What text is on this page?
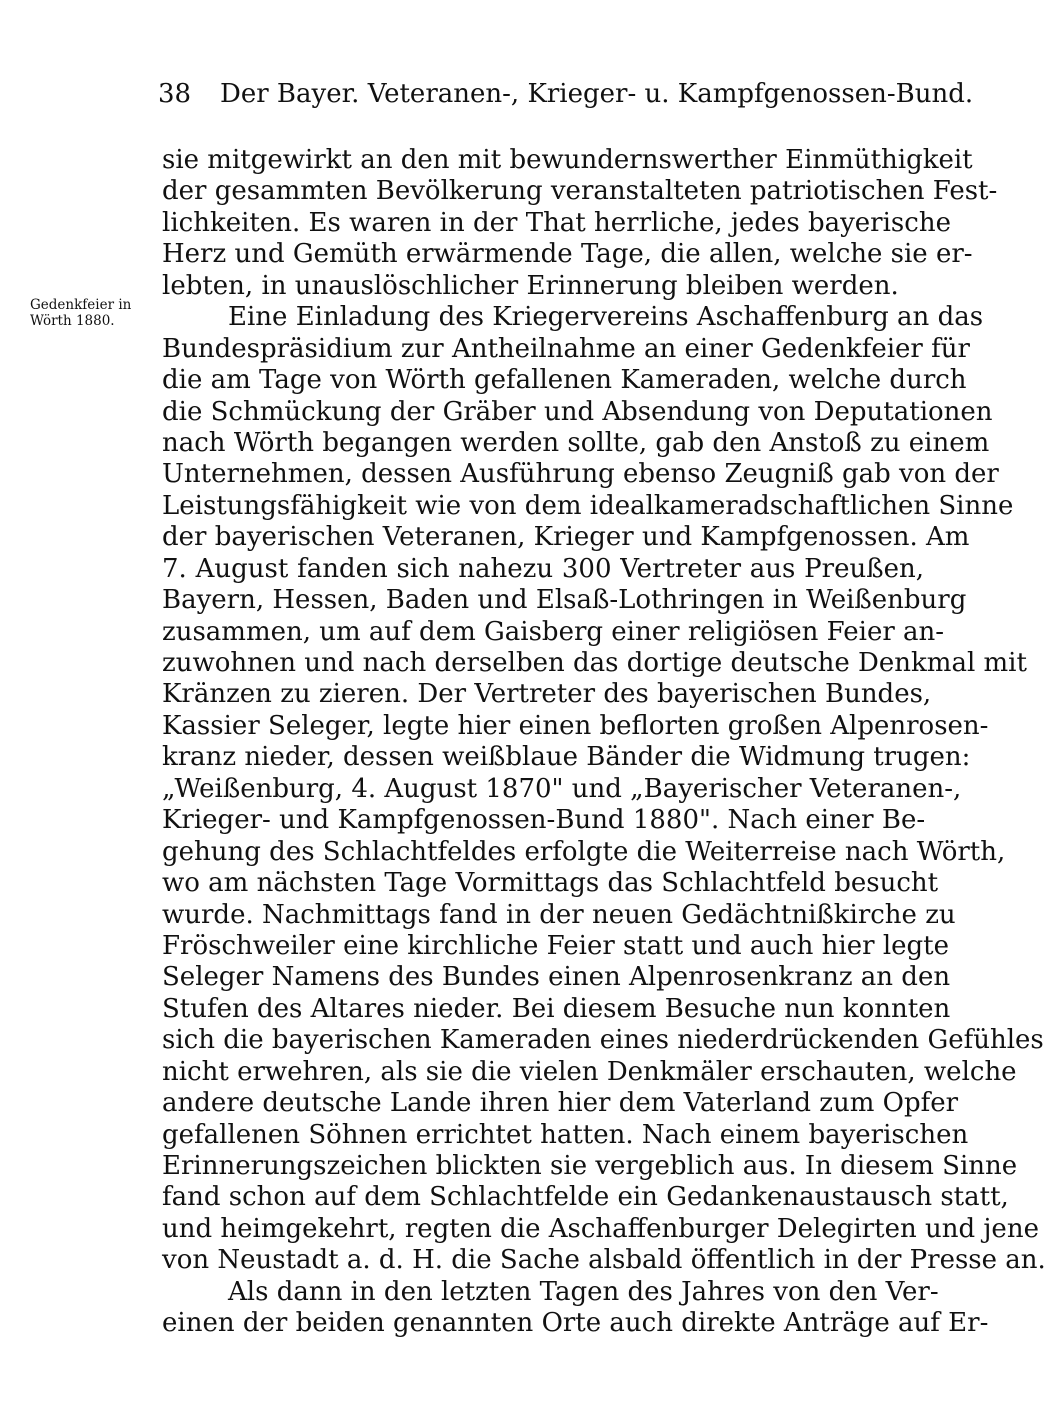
38 Der Bayer. Veteranen-, Krieger- u. Kampfgenossen-Bund.
Gedenkfeier in
Wörth 1880.
sie mitgewirkt an den mit bewundernswerther Einmüthigkeit
der gesammten Bevölkerung veranstalteten patriotischen Fest-
lichkeiten. Es waren in der That herrliche, jedes bayerische
Herz und Gemüth erwärmende Tage, die allen, welche sie er-
lebten, in unauslöschlicher Erinnerung bleiben werden.
Eine Einladung des Kriegervereins Aschaffenburg an das
Bundespräsidium zur Antheilnahme an einer Gedenkfeier für
die am Tage von Wörth gefallenen Kameraden, welche durch
die Schmückung der Gräber und Absendung von Deputationen
nach Wörth begangen werden sollte, gab den Anstoß zu einem
Unternehmen, dessen Ausführung ebenso Zeugniß gab von der
Leistungsfähigkeit wie von dem idealkameradschaftlichen Sinne
der bayerischen Veteranen, Krieger und Kampfgenossen. Am
7. August fanden sich nahezu 300 Vertreter aus Preußen,
Bayern, Hessen, Baden und Elsaß-Lothringen in Weißenburg
zusammen, um auf dem Gaisberg einer religiösen Feier an-
zuwohnen und nach derselben das dortige deutsche Denkmal mit
Kränzen zu zieren. Der Vertreter des bayerischen Bundes,
Kassier Seleger, legte hier einen beflorten großen Alpenrosen-
kranz nieder, dessen weißblaue Bänder die Widmung trugen:
„Weißenburg, 4. August 1870" und „Bayerischer Veteranen-,
Krieger- und Kampfgenossen-Bund 1880". Nach einer Be-
gehung des Schlachtfeldes erfolgte die Weiterreise nach Wörth,
wo am nächsten Tage Vormittags das Schlachtfeld besucht
wurde. Nachmittags fand in der neuen Gedächtnißkirche zu
Fröschweiler eine kirchliche Feier statt und auch hier legte
Seleger Namens des Bundes einen Alpenrosenkranz an den
Stufen des Altares nieder. Bei diesem Besuche nun konnten
sich die bayerischen Kameraden eines niederdrückenden Gefühles
nicht erwehren, als sie die vielen Denkmäler erschauten, welche
andere deutsche Lande ihren hier dem Vaterland zum Opfer
gefallenen Söhnen errichtet hatten. Nach einem bayerischen
Erinnerungszeichen blickten sie vergeblich aus. In diesem Sinne
fand schon auf dem Schlachtfelde ein Gedankenaustausch statt,
und heimgekehrt, regten die Aschaffenburger Delegirten und jene
von Neustadt a. d. H. die Sache alsbald öffentlich in der Presse an.
Als dann in den letzten Tagen des Jahres von den Ver-
einen der beiden genannten Orte auch direkte Anträge auf Er-
